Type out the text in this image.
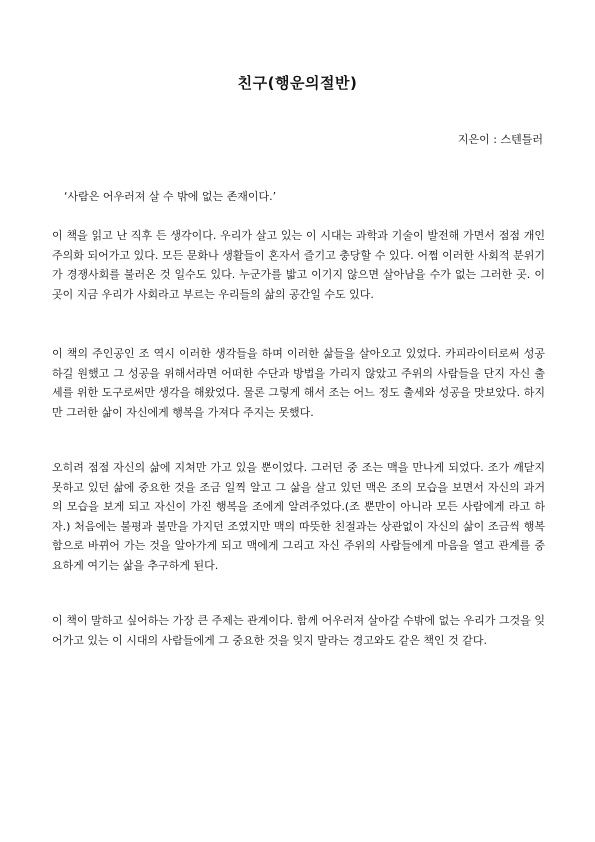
친구(행운의절반)
지은이 : 스텐틀러
‘사람은 어우러져 살 수 밖에 없는 존재이다.’

이 책을 읽고 난 직후 든 생각이다. 우리가 살고 있는 이 시대는 과학과 기술이 발전해 가면서 점점 개인주의화 되어가고 있다. 모든 문화나 생활들이 혼자서 즐기고 충당할 수 있다. 어쩜 이러한 사회적 분위기가 경쟁사회를 불러온 것 일수도 있다. 누군가를 밟고 이기지 않으면 살아남을 수가 없는 그러한 곳. 이 곳이 지금 우리가 사회라고 부르는 우리들의 삶의 공간일 수도 있다.

이 책의 주인공인 조 역시 이러한 생각들을 하며 이러한 삶들을 살아오고 있었다. 카피라이터로써 성공하길 원했고 그 성공을 위해서라면 어떠한 수단과 방법을 가리지 않았고 주위의 사람들을 단지 자신 출세를 위한 도구로써만 생각을 해왔었다. 물론 그렇게 해서 조는 어느 정도 출세와 성공을 맛보았다. 하지만 그러한 삶이 자신에게 행복을 가져다 주지는 못했다.

오히려 점점 자신의 삶에 지쳐만 가고 있을 뿐이었다. 그러던 중 조는 맥을 만나게 되었다. 조가 깨닫지 못하고 있던 삶에 중요한 것을 조금 일찍 알고 그 삶을 살고 있던 맥은 조의 모습을 보면서 자신의 과거의 모습을 보게 되고 자신이 가진 행복을 조에게 알려주었다.(조 뿐만이 아니라 모든 사람에게 라고 하자.) 처음에는 불평과 불만을 가지던 조였지만 맥의 따뜻한 친절과는 상관없이 자신의 삶이 조금씩 행복함으로 바뀌어 가는 것을 알아가게 되고 맥에게 그리고 자신 주위의 사람들에게 마음을 열고 관계를 중요하게 여기는 삶을 추구하게 된다.

이 책이 말하고 싶어하는 가장 큰 주제는 관계이다. 함께 어우러져 살아갈 수밖에 없는 우리가 그것을 잊어가고 있는 이 시대의 사람들에게 그 중요한 것을 잊지 말라는 경고와도 같은 책인 것 같다.
